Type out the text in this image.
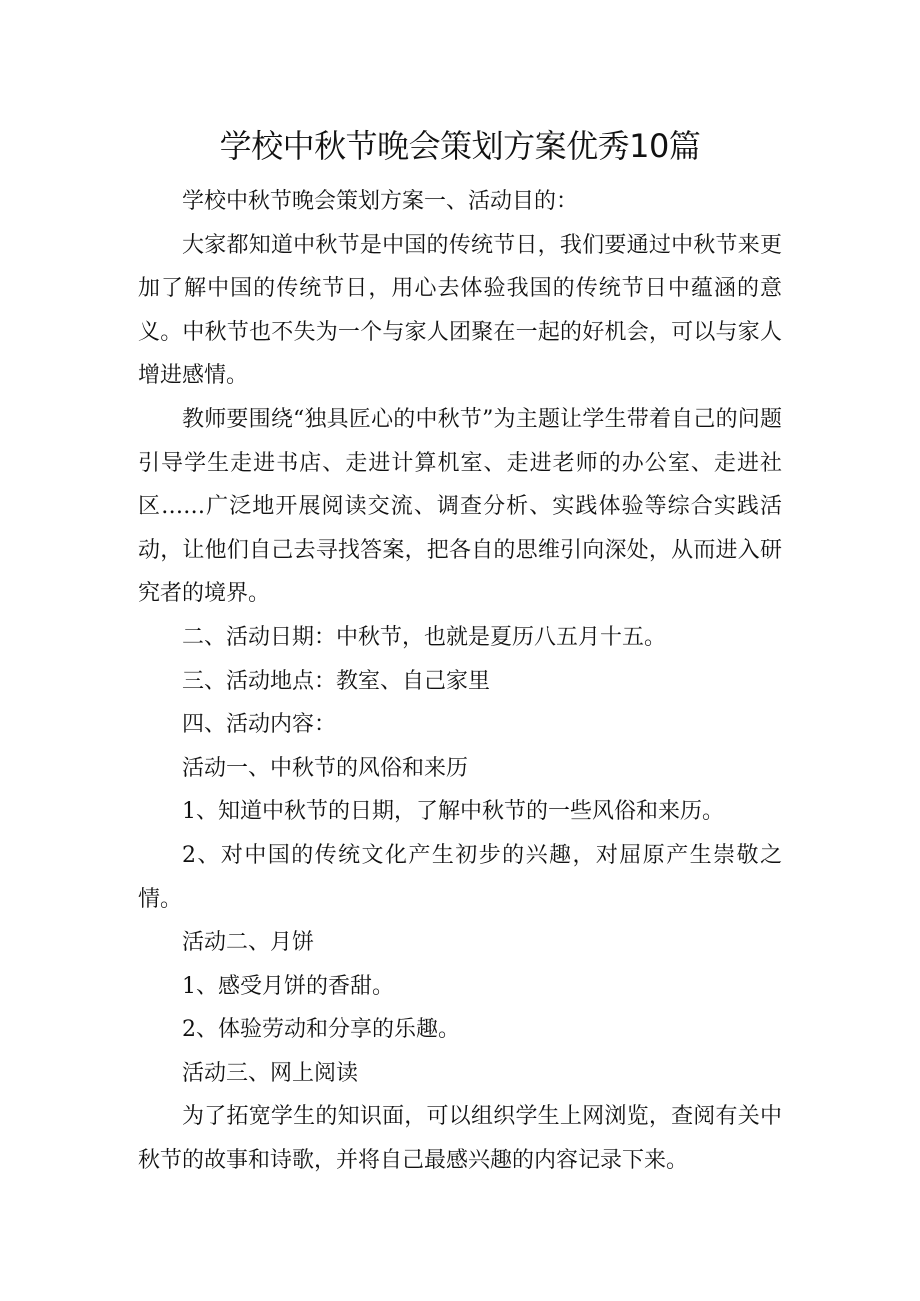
学校中秋节晚会策划方案优秀10篇

学校中秋节晚会策划方案一、活动目的：

大家都知道中秋节是中国的传统节日，我们要通过中秋节来更加了解中国的传统节日，用心去体验我国的传统节日中蕴涵的意义。中秋节也不失为一个与家人团聚在一起的好机会，可以与家人增进感情。

教师要围绕“独具匠心的中秋节”为主题让学生带着自己的问题引导学生走进书店、走进计算机室、走进老师的办公室、走进社区……广泛地开展阅读交流、调查分析、实践体验等综合实践活动，让他们自己去寻找答案，把各自的思维引向深处，从而进入研究者的境界。

二、活动日期：中秋节，也就是夏历八五月十五。

三、活动地点：教室、自己家里

四、活动内容：

活动一、中秋节的风俗和来历

1、知道中秋节的日期，了解中秋节的一些风俗和来历。

2、对中国的传统文化产生初步的兴趣，对屈原产生崇敬之情。

活动二、月饼

1、感受月饼的香甜。

2、体验劳动和分享的乐趣。

活动三、网上阅读

为了拓宽学生的知识面，可以组织学生上网浏览，查阅有关中秋节的故事和诗歌，并将自己最感兴趣的内容记录下来。
